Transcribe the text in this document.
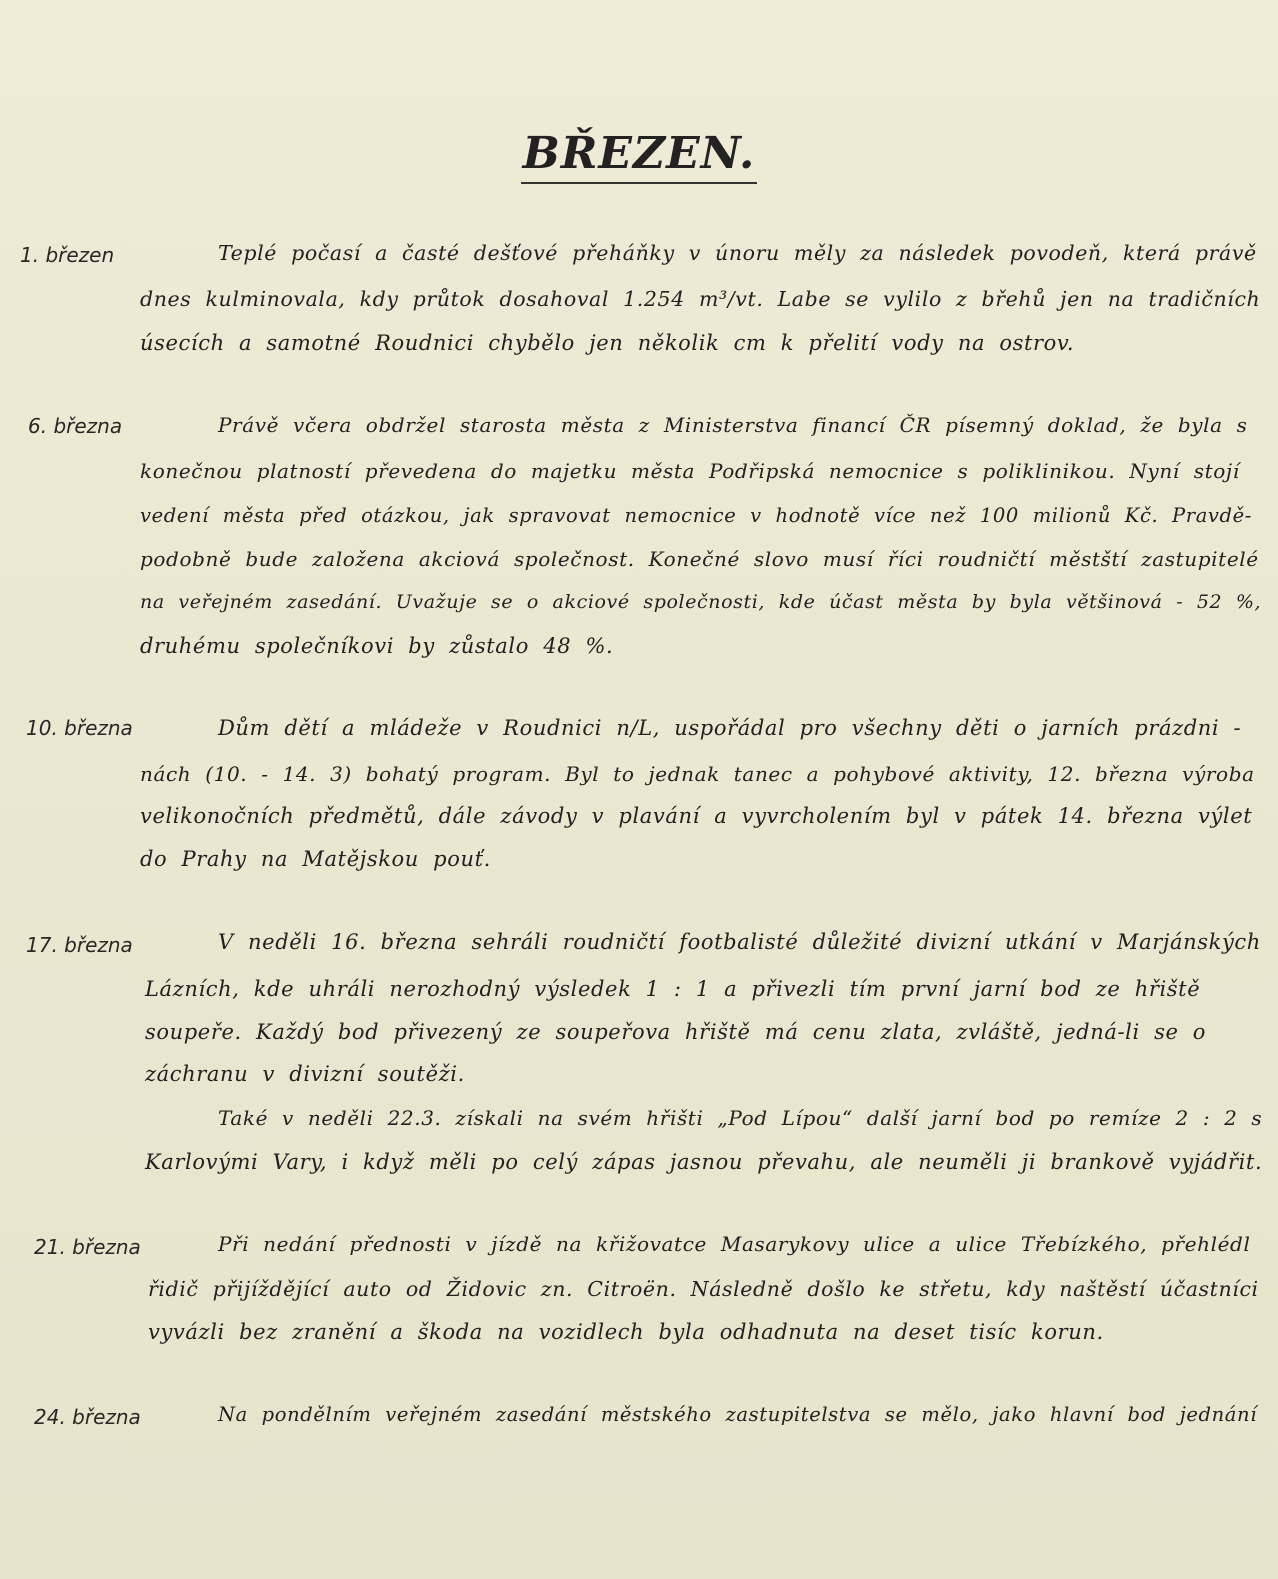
BŘEZEN.
1. březen	Teplé počasí a časté dešťové přeháňky v únoru měly za následek povodeň, která právě
dnes kulminovala, kdy průtok dosahoval 1.254 m³/vt. Labe se vylilo z břehů jen na tradičních
úsecích a samotné Roudnici chybělo jen několik cm k přelití vody na ostrov.
6. března	Právě včera obdržel starosta města z Ministerstva financí ČR písemný doklad, že byla s
konečnou platností převedena do majetku města Podřipská nemocnice s poliklinikou. Nyní stojí
vedení města před otázkou, jak spravovat nemocnice v hodnotě více než 100 milionů Kč. Pravdě-
podobně bude založena akciová společnost. Konečné slovo musí říci roudničtí městští zastupitelé
na veřejném zasedání. Uvažuje se o akciové společnosti, kde účast města by byla většinová - 52 %,
druhému společníkovi by zůstalo 48 %.
10. března	Dům dětí a mládeže v Roudnici n/L, uspořádal pro všechny děti o jarních prázdni -
nách (10. - 14. 3) bohatý program. Byl to jednak tanec a pohybové aktivity, 12. března výroba
velikonočních předmětů, dále závody v plavání a vyvrcholením byl v pátek 14. března výlet
do Prahy na Matějskou pouť.
17. března	V neděli 16. března sehráli roudničtí footbalisté důležité divizní utkání v Marjánských
Lázních, kde uhráli nerozhodný výsledek 1 : 1 a přivezli tím první jarní bod ze hřiště
soupeře. Každý bod přivezený ze soupeřova hřiště má cenu zlata, zvláště, jedná-li se o
záchranu v divizní soutěži.
Také v neděli 22.3. získali na svém hřišti „Pod Lípou“ další jarní bod po remíze 2 : 2 s
Karlovými Vary, i když měli po celý zápas jasnou převahu, ale neuměli ji brankově vyjádřit.
21. března	Při nedání přednosti v jízdě na křižovatce Masarykovy ulice a ulice Třebízkého, přehlédl
řidič přijíždějící auto od Židovic zn. Citroën. Následně došlo ke střetu, kdy naštěstí účastníci
vyvázli bez zranění a škoda na vozidlech byla odhadnuta na deset tisíc korun.
24. března	Na pondělním veřejném zasedání městského zastupitelstva se mělo, jako hlavní bod jednání
